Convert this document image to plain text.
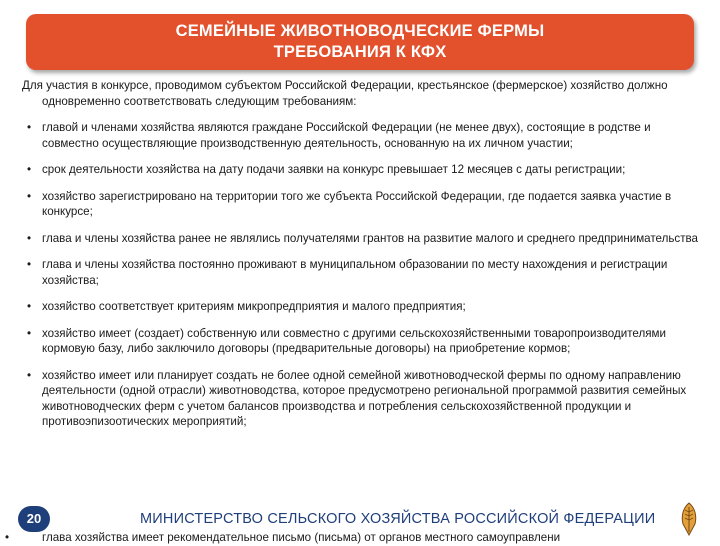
СЕМЕЙНЫЕ ЖИВОТНОВОДЧЕСКИЕ ФЕРМЫ
ТРЕБОВАНИЯ К КФХ

Для участия в конкурсе, проводимом субъектом Российской Федерации, крестьянское (фермерское) хозяйство должно одновременно соответствовать следующим требованиям:

• главой и членами хозяйства являются граждане Российской Федерации (не менее двух), состоящие в родстве и совместно осуществляющие производственную деятельность, основанную на их личном участии;
• срок деятельности хозяйства на дату подачи заявки на конкурс превышает 12 месяцев с даты регистрации;
• хозяйство зарегистрировано на территории того же субъекта Российской Федерации, где подается заявка участие в конкурсе;
• глава и члены хозяйства ранее не являлись получателями грантов на развитие малого и среднего предпринимательства
• глава и члены хозяйства постоянно проживают в муниципальном образовании по месту нахождения и регистрации хозяйства;
• хозяйство соответствует критериям микропредприятия и малого предприятия;
• хозяйство имеет (создает) собственную или совместно с другими сельскохозяйственными товаропроизводителями кормовую базу, либо заключило договоры (предварительные договоры) на приобретение кормов;
• хозяйство имеет или планирует создать не более одной семейной животноводческой фермы по одному направлению деятельности (одной отрасли) животноводства, которое предусмотрено региональной программой развития семейных животноводческих ферм с учетом балансов производства и потребления сельскохозяйственной продукции и противоэпизоотических мероприятий;
•	глава хозяйства имеет рекомендательное письмо (письма) от органов местного самоуправлени
20	МИНИСТЕРСТВО СЕЛЬСКОГО ХОЗЯЙСТВА РОССИЙСКОЙ ФЕДЕРАЦИИ
